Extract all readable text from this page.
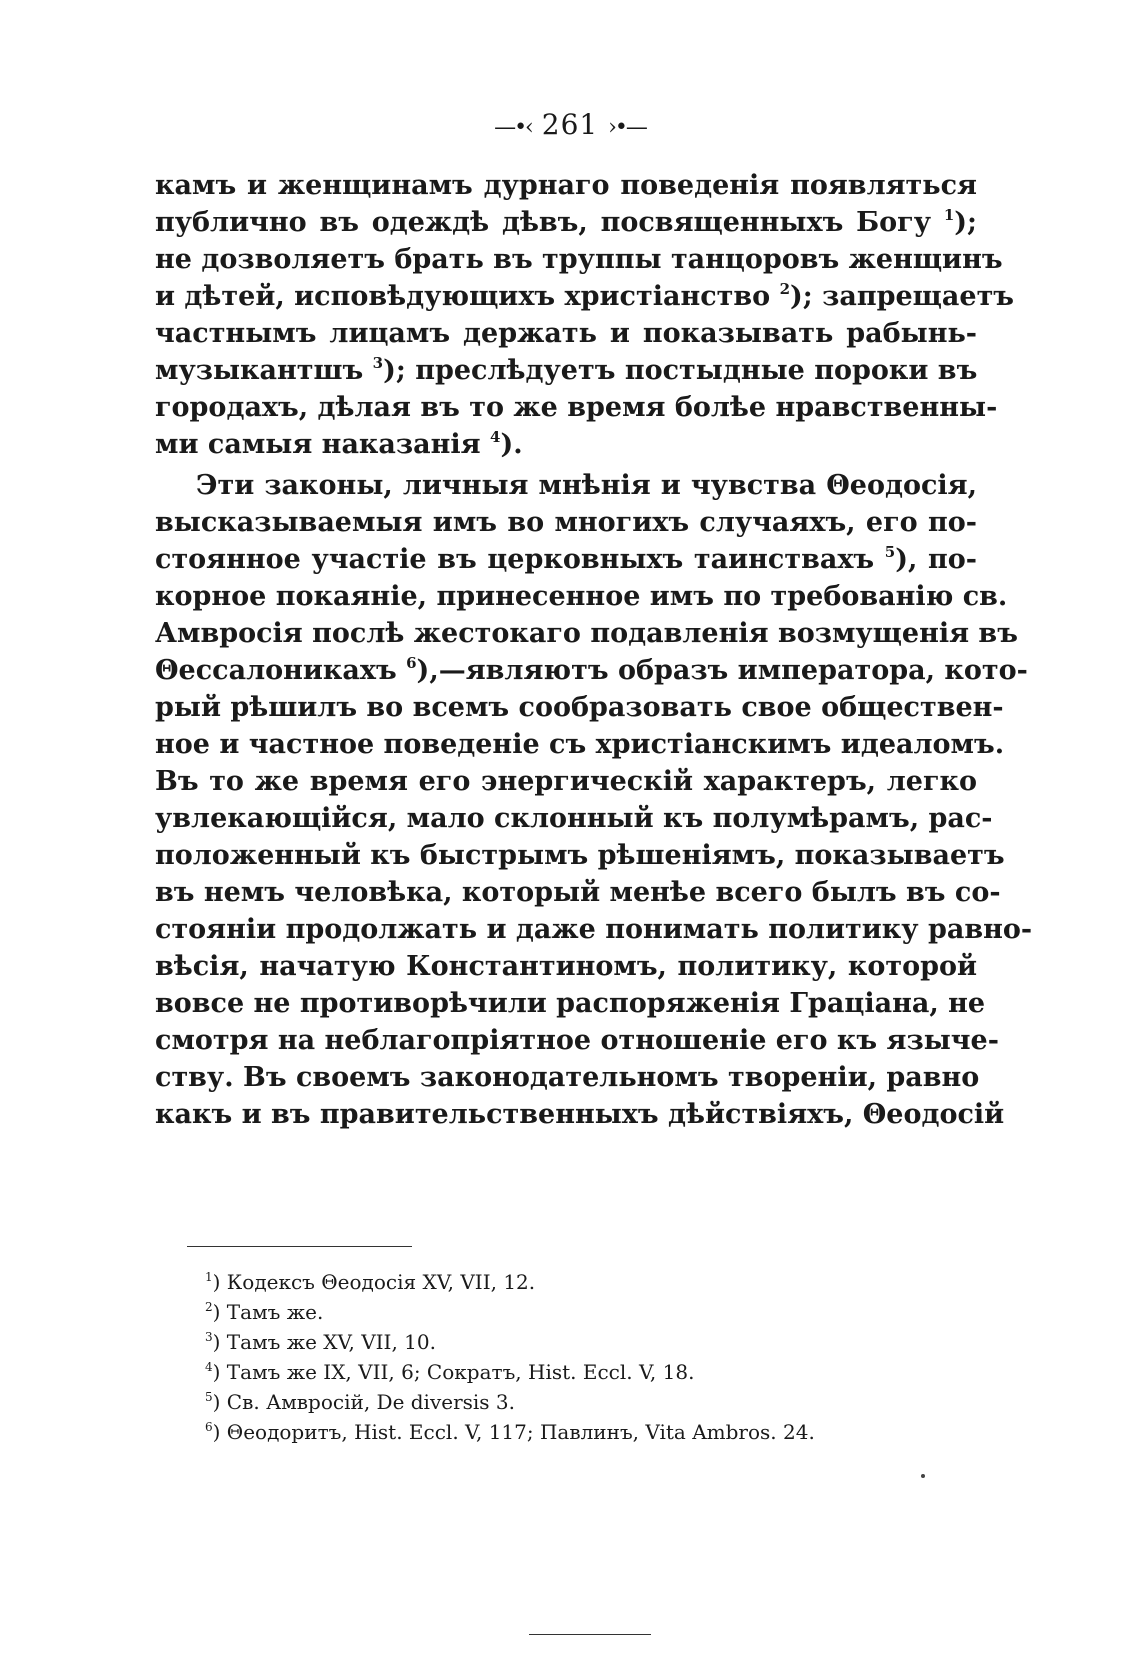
—•‹ 261 ›•—
камъ и женщинамъ дурнаго поведенія появляться
публично въ одеждѣ дѣвъ, посвященныхъ Богу $^1$);
не дозволяетъ брать въ труппы танцоровъ женщинъ
и дѣтей, исповѣдующихъ христіанство $^2$); запрещаетъ
частнымъ лицамъ держать и показывать рабынь-
музыкантшъ $^3$); преслѣдуетъ постыдные пороки въ
городахъ, дѣлая въ то же время болѣе нравственны-
ми самыя наказанія $^4$).
Эти законы, личныя мнѣнія и чувства Θеодосія,
высказываемыя имъ во многихъ случаяхъ, его по-
стоянное участіе въ церковныхъ таинствахъ $^5$), по-
корное покаяніе, принесенное имъ по требованію св.
Амвросія послѣ жестокаго подавленія возмущенія въ
Θессалоникахъ $^6$),—являютъ образъ императора, кото-
рый рѣшилъ во всемъ сообразовать свое обществен-
ное и частное поведеніе съ христіанскимъ идеаломъ.
Въ то же время его энергическій характеръ, легко
увлекающійся, мало склонный къ полумѣрамъ, рас-
положенный къ быстрымъ рѣшеніямъ, показываетъ
въ немъ человѣка, который менѣе всего былъ въ со-
стояніи продолжать и даже понимать политику равно-
вѣсія, начатую Константиномъ, политику, которой
вовсе не противорѣчили распоряженія Граціана, не
смотря на неблагопріятное отношеніе его къ языче-
ству. Въ своемъ законодательномъ твореніи, равно
какъ и въ правительственныхъ дѣйствіяхъ, Θеодосій
$^1$) Кодексъ Θеодосія XV, VII, 12.
$^2$) Тамъ же.
$^3$) Тамъ же XV, VII, 10.
$^4$) Тамъ же IX, VII, 6; Сократъ, Hist. Eccl. V, 18.
$^5$) Св. Амвросій, De diversis 3.
$^6$) Θеодоритъ, Hist. Eccl. V, 117; Павлинъ, Vita Ambros. 24.
